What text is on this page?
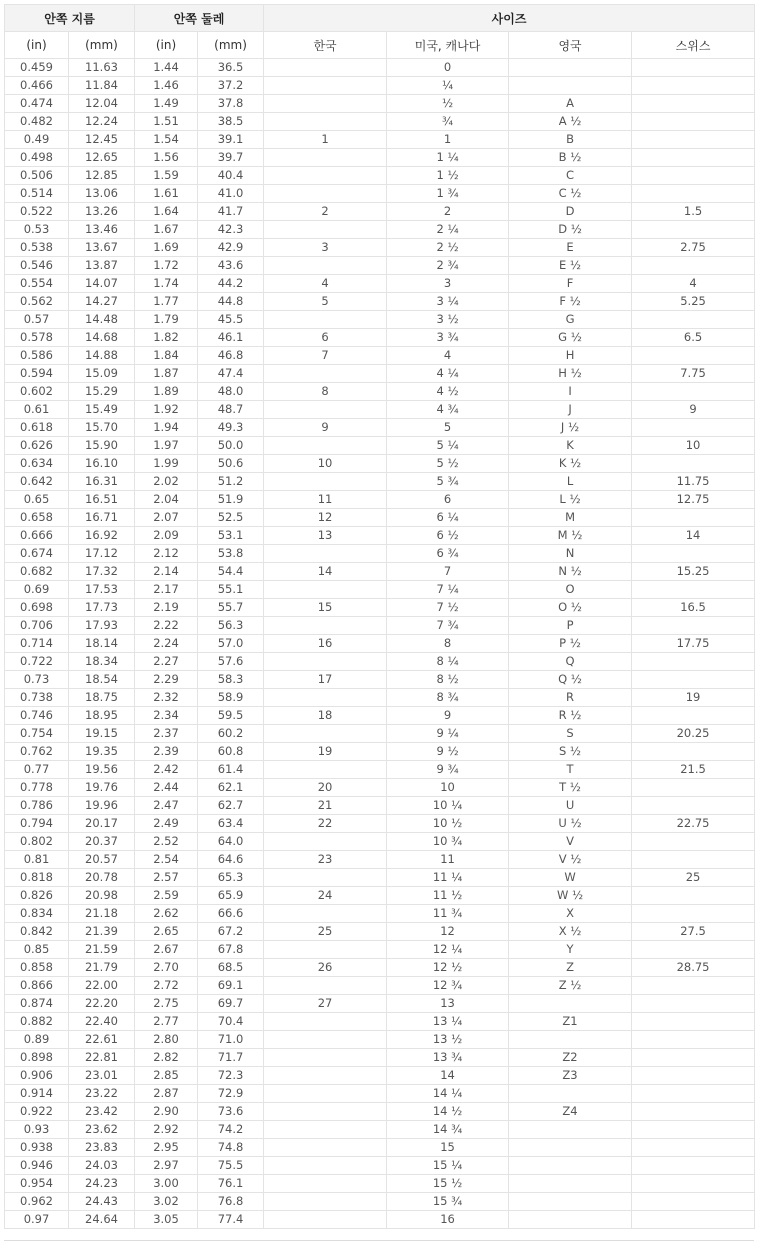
안쪽 지름		안쪽 둘레		사이즈			
(in)	(mm)	(in)	(mm)	한국	미국, 캐나다	영국	스위스
0.459	11.63	1.44	36.5		0		
0.466	11.84	1.46	37.2		¼		
0.474	12.04	1.49	37.8		½	A	
0.482	12.24	1.51	38.5		¾	A ½	
0.49	12.45	1.54	39.1	1	1	B	
0.498	12.65	1.56	39.7		1 ¼	B ½	
0.506	12.85	1.59	40.4		1 ½	C	
0.514	13.06	1.61	41.0		1 ¾	C ½	
0.522	13.26	1.64	41.7	2	2	D	1.5
0.53	13.46	1.67	42.3		2 ¼	D ½	
0.538	13.67	1.69	42.9	3	2 ½	E	2.75
0.546	13.87	1.72	43.6		2 ¾	E ½	
0.554	14.07	1.74	44.2	4	3	F	4
0.562	14.27	1.77	44.8	5	3 ¼	F ½	5.25
0.57	14.48	1.79	45.5		3 ½	G	
0.578	14.68	1.82	46.1	6	3 ¾	G ½	6.5
0.586	14.88	1.84	46.8	7	4	H	
0.594	15.09	1.87	47.4		4 ¼	H ½	7.75
0.602	15.29	1.89	48.0	8	4 ½	I	
0.61	15.49	1.92	48.7		4 ¾	J	9
0.618	15.70	1.94	49.3	9	5	J ½	
0.626	15.90	1.97	50.0		5 ¼	K	10
0.634	16.10	1.99	50.6	10	5 ½	K ½	
0.642	16.31	2.02	51.2		5 ¾	L	11.75
0.65	16.51	2.04	51.9	11	6	L ½	12.75
0.658	16.71	2.07	52.5	12	6 ¼	M	
0.666	16.92	2.09	53.1	13	6 ½	M ½	14
0.674	17.12	2.12	53.8		6 ¾	N	
0.682	17.32	2.14	54.4	14	7	N ½	15.25
0.69	17.53	2.17	55.1		7 ¼	O	
0.698	17.73	2.19	55.7	15	7 ½	O ½	16.5
0.706	17.93	2.22	56.3		7 ¾	P	
0.714	18.14	2.24	57.0	16	8	P ½	17.75
0.722	18.34	2.27	57.6		8 ¼	Q	
0.73	18.54	2.29	58.3	17	8 ½	Q ½	
0.738	18.75	2.32	58.9		8 ¾	R	19
0.746	18.95	2.34	59.5	18	9	R ½	
0.754	19.15	2.37	60.2		9 ¼	S	20.25
0.762	19.35	2.39	60.8	19	9 ½	S ½	
0.77	19.56	2.42	61.4		9 ¾	T	21.5
0.778	19.76	2.44	62.1	20	10	T ½	
0.786	19.96	2.47	62.7	21	10 ¼	U	
0.794	20.17	2.49	63.4	22	10 ½	U ½	22.75
0.802	20.37	2.52	64.0		10 ¾	V	
0.81	20.57	2.54	64.6	23	11	V ½	
0.818	20.78	2.57	65.3		11 ¼	W	25
0.826	20.98	2.59	65.9	24	11 ½	W ½	
0.834	21.18	2.62	66.6		11 ¾	X	
0.842	21.39	2.65	67.2	25	12	X ½	27.5
0.85	21.59	2.67	67.8		12 ¼	Y	
0.858	21.79	2.70	68.5	26	12 ½	Z	28.75
0.866	22.00	2.72	69.1		12 ¾	Z ½	
0.874	22.20	2.75	69.7	27	13		
0.882	22.40	2.77	70.4		13 ¼	Z1	
0.89	22.61	2.80	71.0		13 ½		
0.898	22.81	2.82	71.7		13 ¾	Z2	
0.906	23.01	2.85	72.3		14	Z3	
0.914	23.22	2.87	72.9		14 ¼		
0.922	23.42	2.90	73.6		14 ½	Z4	
0.93	23.62	2.92	74.2		14 ¾		
0.938	23.83	2.95	74.8		15		
0.946	24.03	2.97	75.5		15 ¼		
0.954	24.23	3.00	76.1		15 ½		
0.962	24.43	3.02	76.8		15 ¾		
0.97	24.64	3.05	77.4		16		
